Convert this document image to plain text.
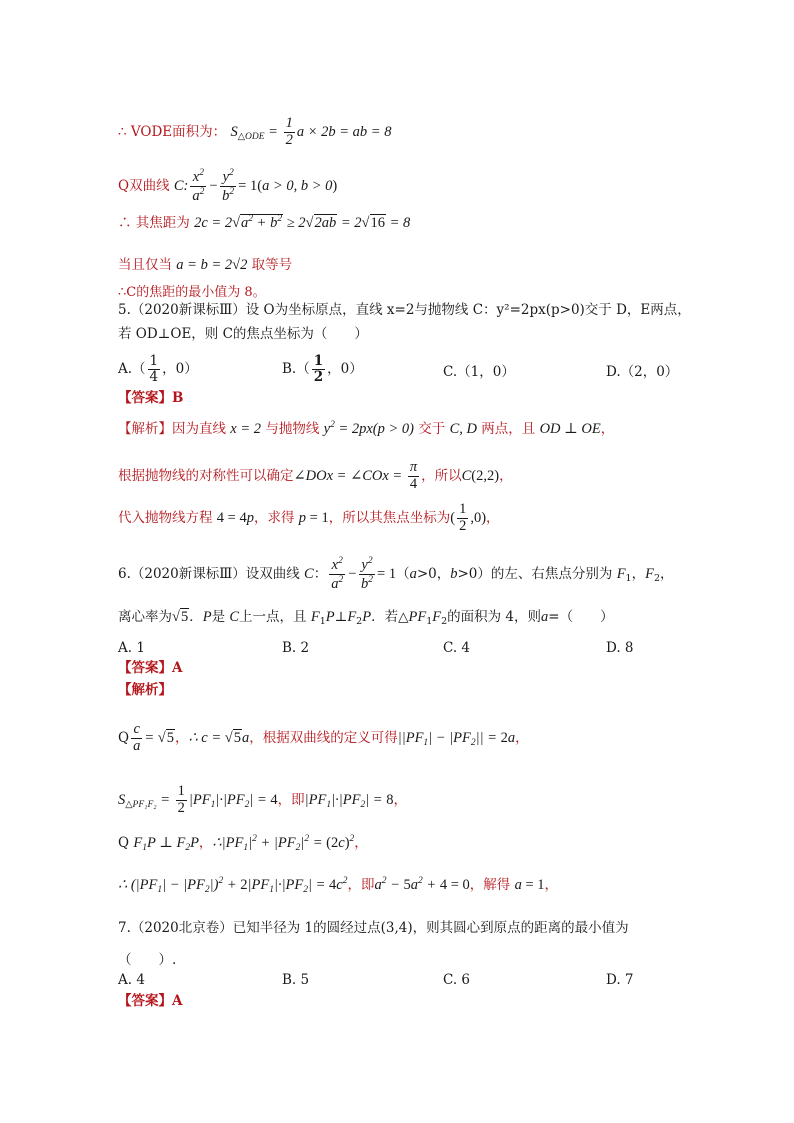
∴ VODE面积为： $S_{\triangle ODE} = \frac{1}{2}$ a × 2b = ab = 8
Q双曲线 C: $\frac{x^2}{a^2} - \frac{y^2}{b^2} = 1(a > 0$, b > 0)
∴ 其焦距为 $2c = 2√a^2 + b^2 \ge 2√2ab = 2√16 = 8$
当且仅当 a = b = 2√2 取等号
∴C的焦距的最小值为 8。
5.（2020新课标Ⅲ）设 O为坐标原点，直线 x=2与抛物线 C：y²=2px(p>0)交于 D，E两点，
若 OD⊥OE，则 C的焦点坐标为（　　）
$A.( \frac{1}{4}$ ，0）	$B.( \frac{1}{2}$ ，0）	C.（1，0）	D.（2，0）
【答案】B
【解析】因为直线 x = 2 与抛物线 $y^2 = 2px(p > 0)$ 交于 C, D 两点，且 OD ⊥ OE，
根据抛物线的对称性可以确定∠DOx = ∠COx = $\frac{\pi}{4}$ ，所以C(2,2)，
代入抛物线方程 4 = 4p，求得 p = 1，所以其焦点坐标为( $\frac{1}{2} ,0$)，
6.（2020新课标Ⅲ）设双曲线 C： $\frac{x^2}{a^2} - \frac{y^2}{b^2} = 1(a>0$，b>0）的左、右焦点分别为 $F_1$，$F_2$，
离心率为√5．P是 C上一点，且 $F_1P\perp F_2P$．若$\triangle PF_1F_2$的面积为 4，则a=（　　）
A. 1	B. 2	C. 4	D. 8
【答案】A
【解析】
Q $\frac{c}{a} = √5$，∴ c = √5a，根据双曲线的定义可得$||PF_1| - |PF_2|| = 2a$，
$S_{\triangle PF_1F_2} = \frac{1}{2} |PF_1|\cdot|PF_2| = 4$，即$|PF_1|\cdot|PF_2| = 8$，
Q $F_1P$ ⊥ $F_2P$，$\therefore|PF_1|^2 + |PF_2|^2 = (2c)^2$，
∴ $(|PF_1| - |PF_2|)^2 + 2|PF_1|\cdot|PF_2| = 4c^2$，即$a^2 - 5a^2 + 4 = 0$，解得 a = 1，
7.（2020北京卷）已知半径为 1的圆经过点(3,4)，则其圆心到原点的距离的最小值为
（　　）.
A. 4	B. 5	C. 6	D. 7
【答案】A
